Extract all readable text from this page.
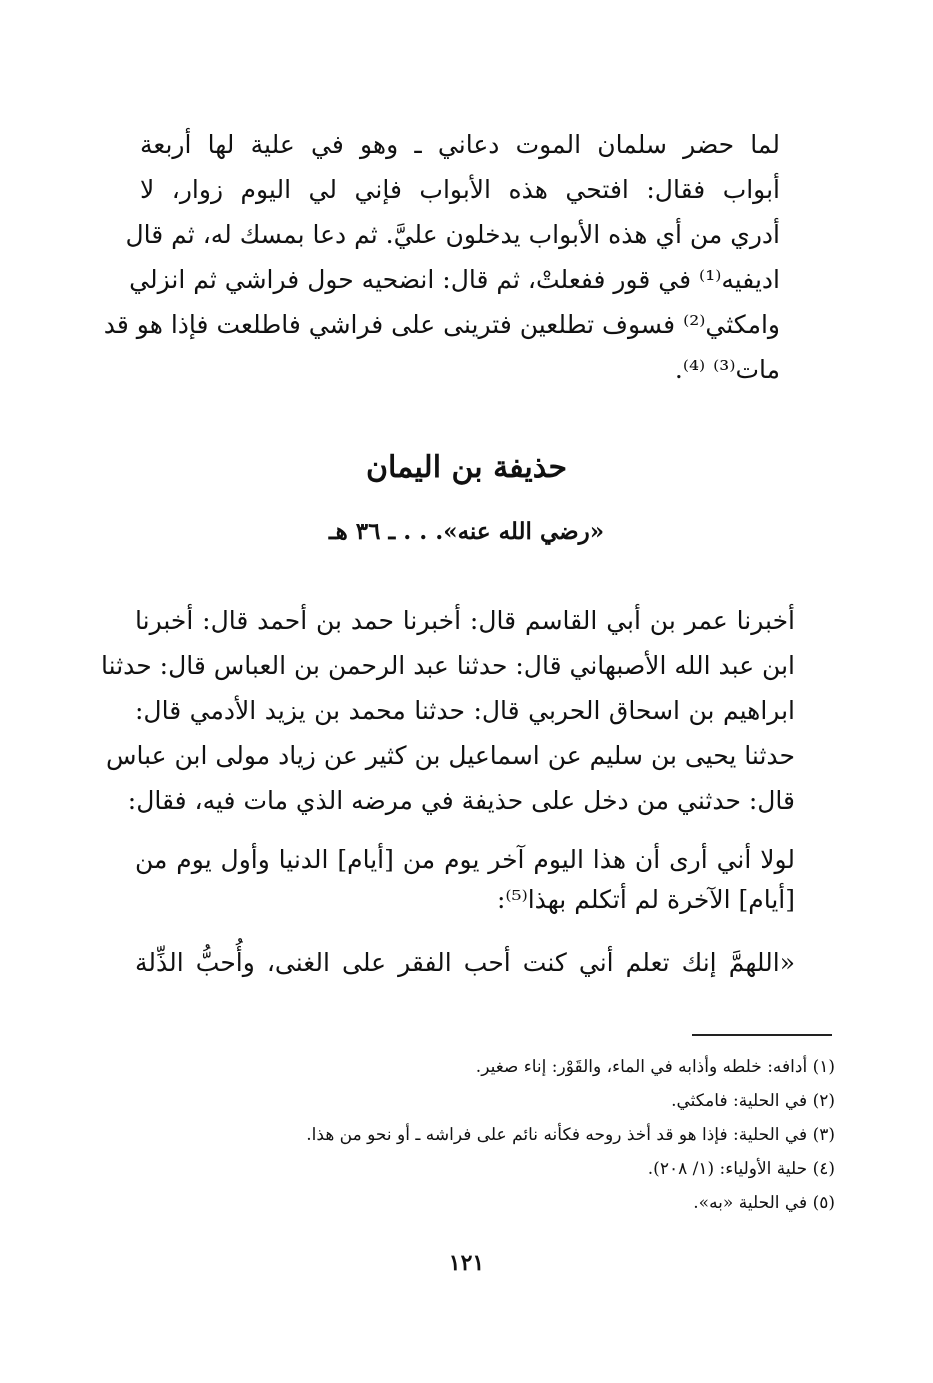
لما حضر سلمان الموت دعاني ـ وهو في علية لها أربعة
أبواب فقال: افتحي هذه الأبواب فإني لي اليوم زوار، لا
أدري من أي هذه الأبواب يدخلون عليَّ. ثم دعا بمسك له، ثم قال
ادیفیه⁽¹⁾ في قور ففعلتْ، ثم قال: انضحيه حول فراشي ثم انزلي
وامكثي⁽²⁾ فسوف تطلعين فترينى على فراشي فاطلعت فإذا هو قد
مات⁽³⁾ ⁽⁴⁾.
حذيفة بن اليمان
«رضي الله عنه». . . ـ ٣٦ هـ
أخبرنا عمر بن أبي القاسم قال: أخبرنا حمد بن أحمد قال: أخبرنا
ابن عبد الله الأصبهاني قال: حدثنا عبد الرحمن بن العباس قال: حدثنا
ابراهيم بن اسحاق الحربي قال: حدثنا محمد بن يزيد الأدمي قال:
حدثنا يحيى بن سليم عن اسماعيل بن كثير عن زياد مولى ابن عباس
قال: حدثني من دخل على حذيفة في مرضه الذي مات فيه، فقال:
لولا أني أرى أن هذا اليوم آخر يوم من [أيام] الدنيا وأول يوم من
[أيام] الآخرة لم أتكلم بهذا⁽⁵⁾:
«اللهمَّ إنك تعلم أني كنت أحب الفقر على الغنى، وأُحبُّ الذِّلة
(١) أدافه: خلطه وأذابه في الماء، والقَوْر: إناء صغير.
(٢) في الحلية: فامكثي.
(٣) في الحلية: فإذا هو قد أخذ روحه فكأنه نائم على فراشه ـ أو نحو من هذا.
(٤) حلية الأولياء: (١/ ٢٠٨).
(٥) في الحلية «به».
١٢١
